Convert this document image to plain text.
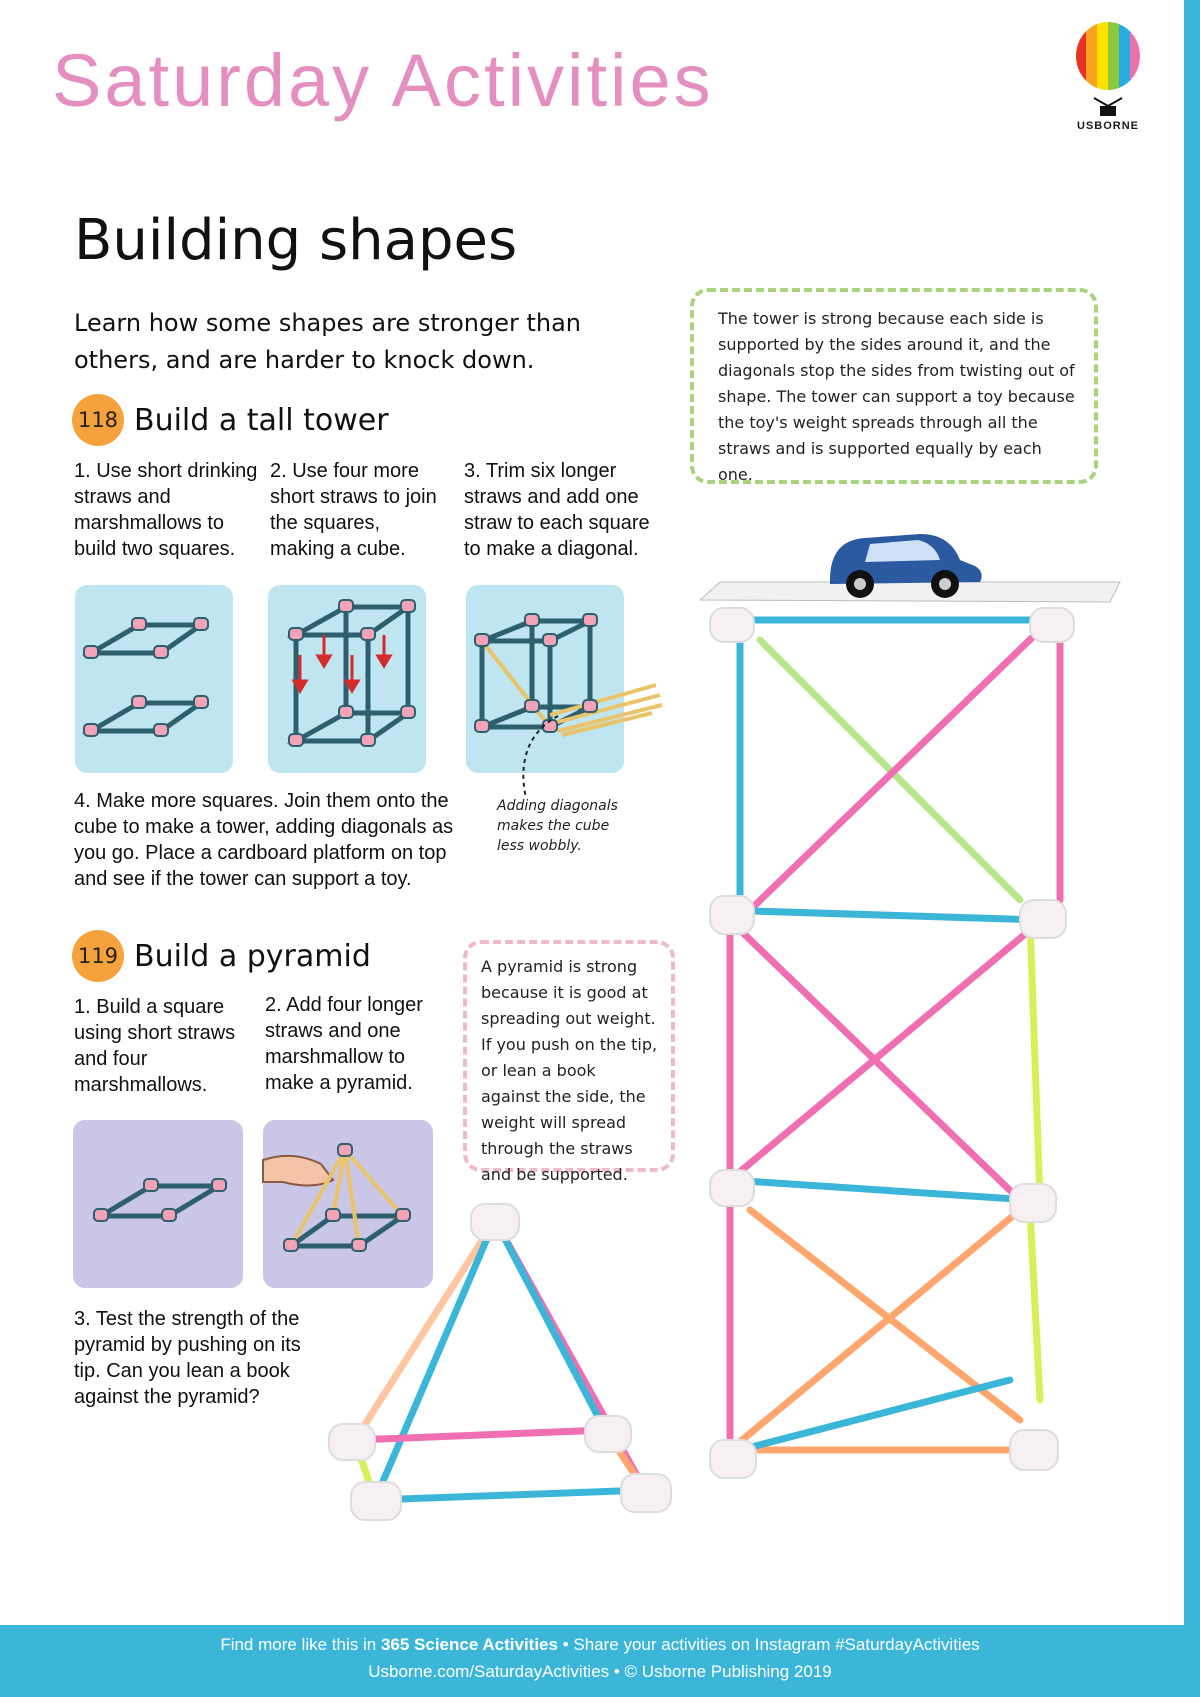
Saturday Activities
USBORNE
Building shapes
Learn how some shapes are stronger than others, and are harder to knock down.
118 Build a tall tower
1. Use short drinking straws and marshmallows to build two squares.
2. Use four more short straws to join the squares, making a cube.
3. Trim six longer straws and add one straw to each square to make a diagonal.
Adding diagonals makes the cube less wobbly.
4. Make more squares. Join them onto the cube to make a tower, adding diagonals as you go. Place a cardboard platform on top and see if the tower can support a toy.
119 Build a pyramid
1. Build a square using short straws and four marshmallows.
2. Add four longer straws and one marshmallow to make a pyramid.
3. Test the strength of the pyramid by pushing on its tip. Can you lean a book against the pyramid?
The tower is strong because each side is supported by the sides around it, and the diagonals stop the sides from twisting out of shape. The tower can support a toy because the toy's weight spreads through all the straws and is supported equally by each one.
A pyramid is strong because it is good at spreading out weight. If you push on the tip, or lean a book against the side, the weight will spread through the straws and be supported.
Find more like this in 365 Science Activities • Share your activities on Instagram #SaturdayActivities
Usborne.com/SaturdayActivities • © Usborne Publishing 2019
